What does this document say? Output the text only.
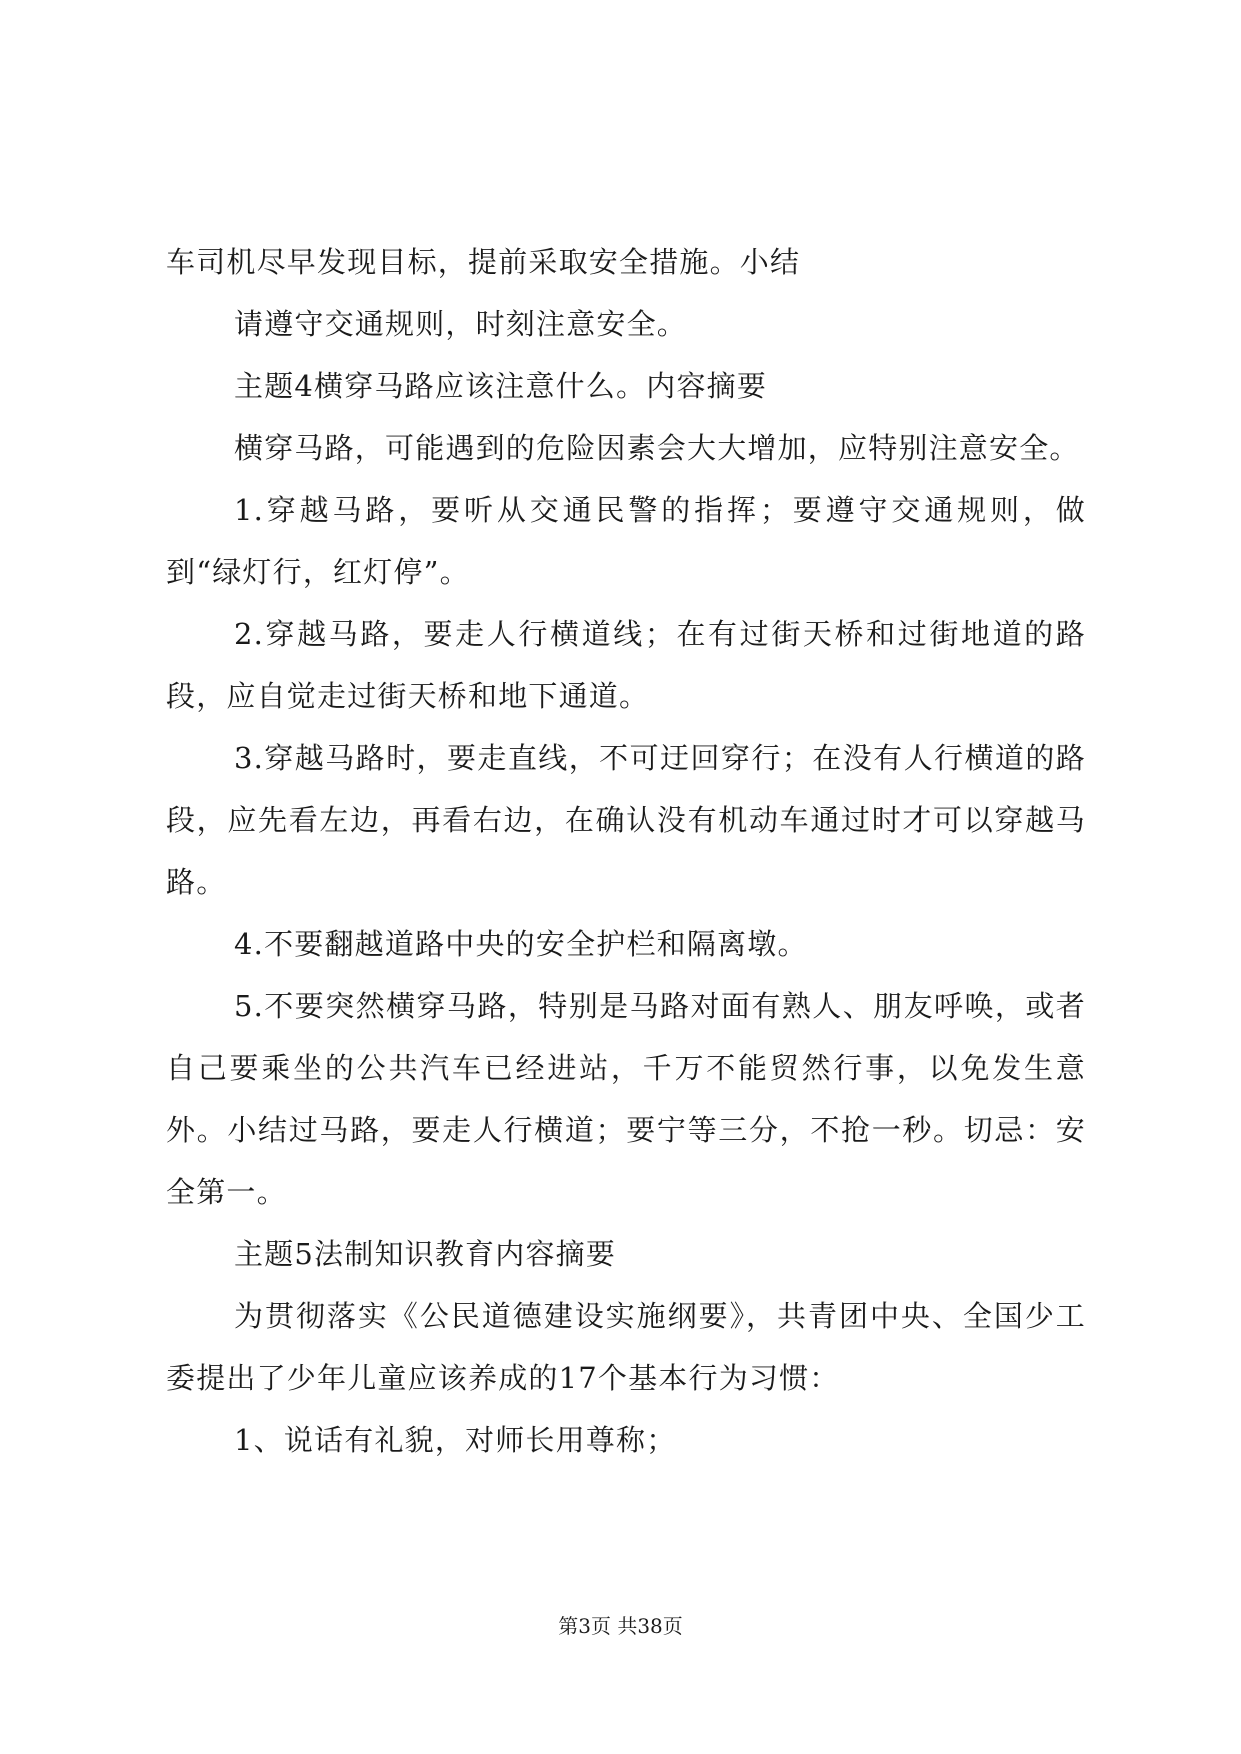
车司机尽早发现目标，提前采取安全措施。小结

请遵守交通规则，时刻注意安全。

主题4横穿马路应该注意什么。内容摘要

横穿马路，可能遇到的危险因素会大大增加，应特别注意安全。

1.穿越马路，要听从交通民警的指挥；要遵守交通规则，做到“绿灯行，红灯停”。

2.穿越马路，要走人行横道线；在有过街天桥和过街地道的路段，应自觉走过街天桥和地下通道。

3.穿越马路时，要走直线，不可迂回穿行；在没有人行横道的路段，应先看左边，再看右边，在确认没有机动车通过时才可以穿越马路。

4.不要翻越道路中央的安全护栏和隔离墩。

5.不要突然横穿马路，特别是马路对面有熟人、朋友呼唤，或者自己要乘坐的公共汽车已经进站，千万不能贸然行事，以免发生意外。小结过马路，要走人行横道；要宁等三分，不抢一秒。切忌：安全第一。

主题5法制知识教育内容摘要

为贯彻落实《公民道德建设实施纲要》，共青团中央、全国少工委提出了少年儿童应该养成的17个基本行为习惯：

1、说话有礼貌，对师长用尊称；

第3页 共38页
